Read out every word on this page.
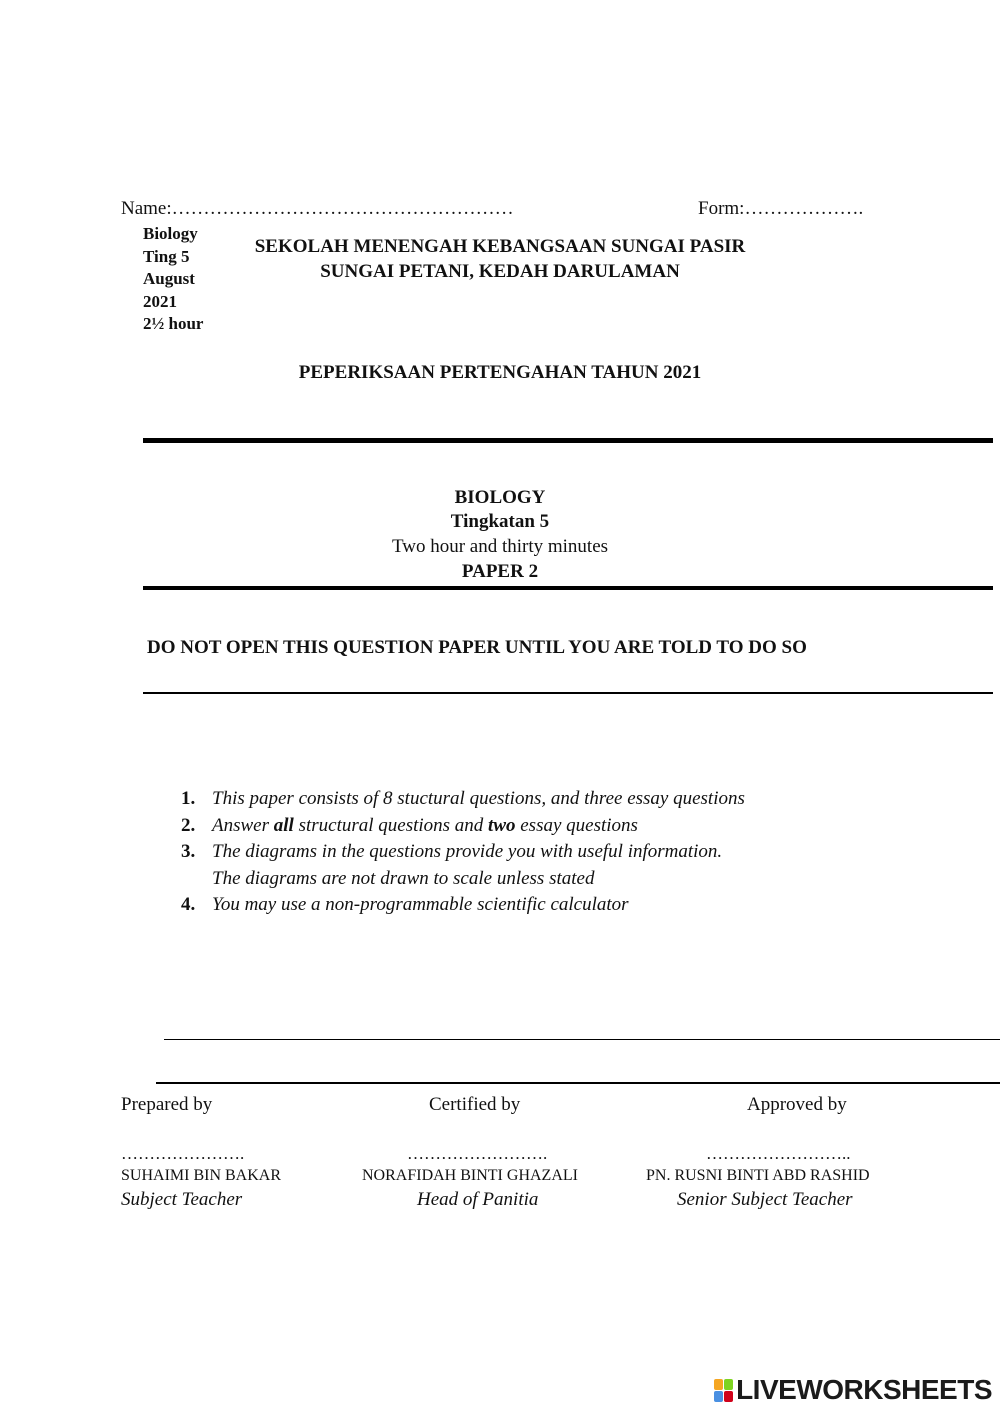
Name:………………………………………………	Form:……………….
Biology
Ting 5
August
2021
2½ hour
SEKOLAH MENENGAH KEBANGSAAN SUNGAI PASIR
SUNGAI PETANI, KEDAH DARULAMAN
PEPERIKSAAN PERTENGAHAN TAHUN 2021
BIOLOGY
Tingkatan 5
Two hour and thirty minutes
PAPER 2
DO NOT OPEN THIS QUESTION PAPER UNTIL YOU ARE TOLD TO DO SO
1. This paper consists of 8 stuctural questions, and three essay questions
2. Answer all structural questions and two essay questions
3. The diagrams in the questions provide you with useful information.
The diagrams are not drawn to scale unless stated
4. You may use a non-programmable scientific calculator
Prepared by	Certified by	Approved by
………………….	…………………….	……………………..
SUHAIMI BIN BAKAR	NORAFIDAH BINTI GHAZALI	PN. RUSNI BINTI ABD RASHID
Subject Teacher	Head of Panitia	Senior Subject Teacher
LIVEWORKSHEETS
